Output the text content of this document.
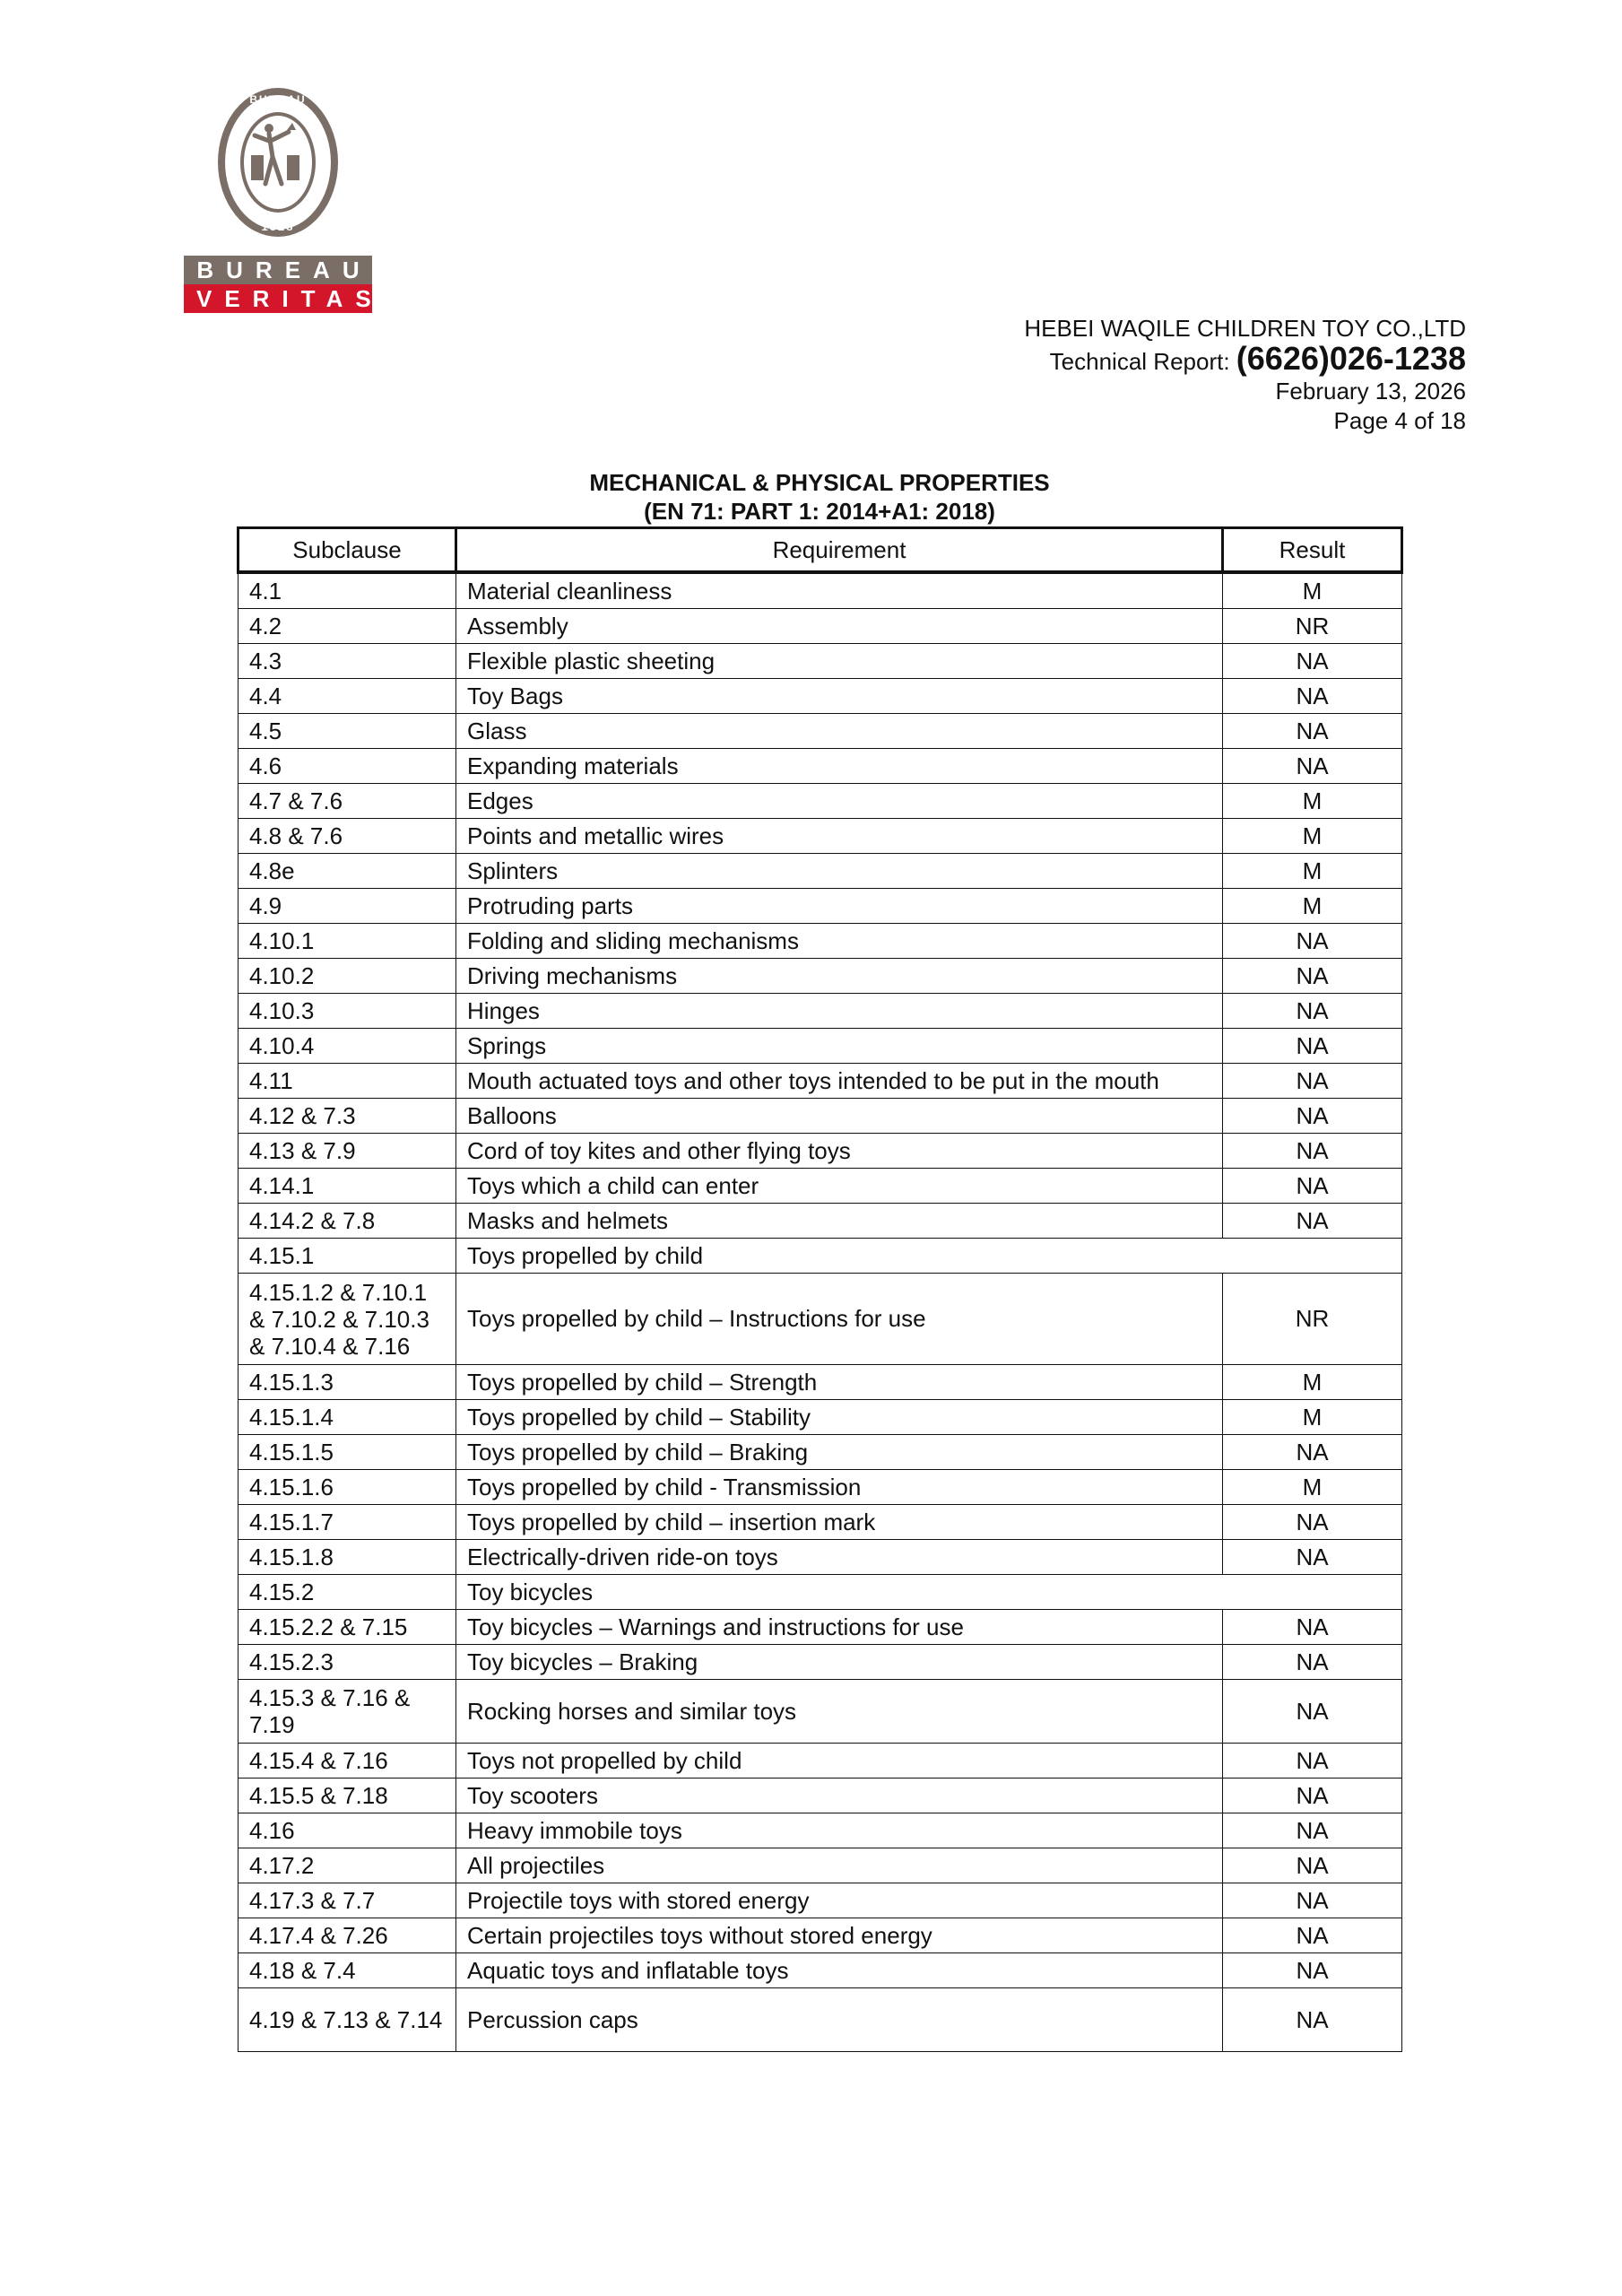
BUREAU
1828
BUREAU
VERITAS
HEBEI WAQILE CHILDREN TOY CO.,LTD
Technical Report: (6626)026-1238
February 13, 2026
Page 4 of 18
MECHANICAL & PHYSICAL PROPERTIES
(EN 71: PART 1: 2014+A1: 2018)
Subclause	Requirement	Result
4.1	Material cleanliness	M
4.2	Assembly	NR
4.3	Flexible plastic sheeting	NA
4.4	Toy Bags	NA
4.5	Glass	NA
4.6	Expanding materials	NA
4.7 & 7.6	Edges	M
4.8 & 7.6	Points and metallic wires	M
4.8e	Splinters	M
4.9	Protruding parts	M
4.10.1	Folding and sliding mechanisms	NA
4.10.2	Driving mechanisms	NA
4.10.3	Hinges	NA
4.10.4	Springs	NA
4.11	Mouth actuated toys and other toys intended to be put in the mouth	NA
4.12 & 7.3	Balloons	NA
4.13 & 7.9	Cord of toy kites and other flying toys	NA
4.14.1	Toys which a child can enter	NA
4.14.2 & 7.8	Masks and helmets	NA
4.15.1	Toys propelled by child	
4.15.1.2 & 7.10.1 & 7.10.2 & 7.10.3 & 7.10.4 & 7.16	Toys propelled by child – Instructions for use	NR
4.15.1.3	Toys propelled by child – Strength	M
4.15.1.4	Toys propelled by child – Stability	M
4.15.1.5	Toys propelled by child – Braking	NA
4.15.1.6	Toys propelled by child - Transmission	M
4.15.1.7	Toys propelled by child – insertion mark	NA
4.15.1.8	Electrically-driven ride-on toys	NA
4.15.2	Toy bicycles	
4.15.2.2 & 7.15	Toy bicycles – Warnings and instructions for use	NA
4.15.2.3	Toy bicycles – Braking	NA
4.15.3 & 7.16 & 7.19	Rocking horses and similar toys	NA
4.15.4 & 7.16	Toys not propelled by child	NA
4.15.5 & 7.18	Toy scooters	NA
4.16	Heavy immobile toys	NA
4.17.2	All projectiles	NA
4.17.3 & 7.7	Projectile toys with stored energy	NA
4.17.4 & 7.26	Certain projectiles toys without stored energy	NA
4.18 & 7.4	Aquatic toys and inflatable toys	NA
4.19 & 7.13 & 7.14	Percussion caps	NA
